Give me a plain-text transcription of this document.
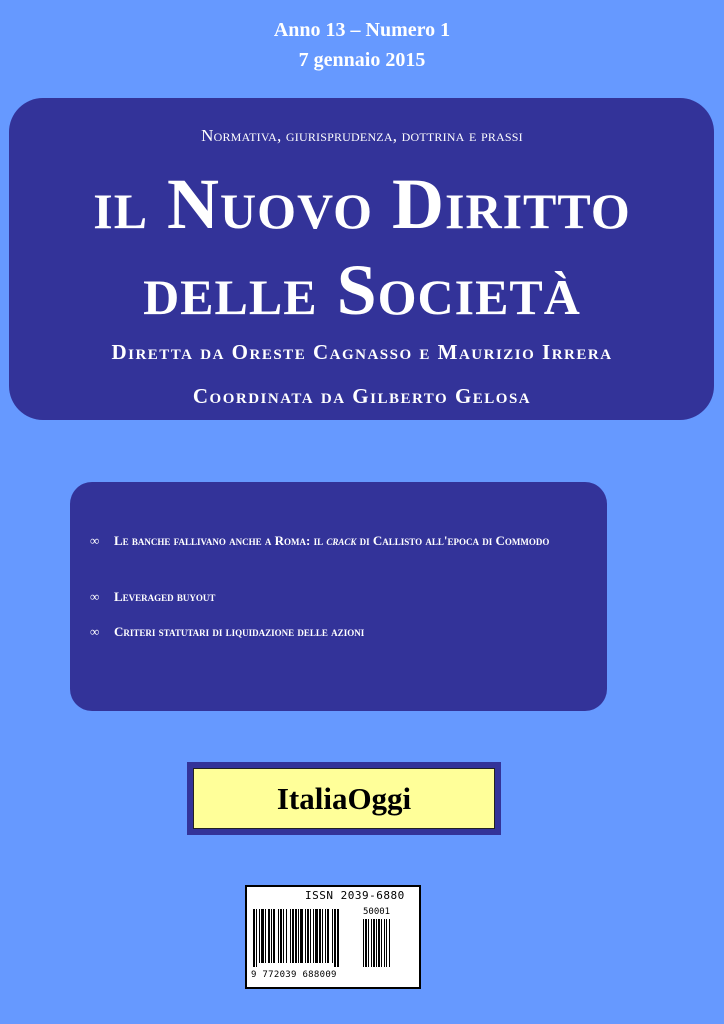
Anno 13 – Numero 1
7 gennaio 2015
Normativa, giurisprudenza, dottrina e prassi
il Nuovo Diritto
delle Società
Diretta da Oreste Cagnasso e Maurizio Irrera
Coordinata da Gilberto Gelosa
∞ Le banche fallivano anche a Roma: il crack di Callisto all'epoca di Commodo
∞ Leveraged buyout
∞ Criteri statutari di liquidazione delle azioni
ItaliaOggi
ISSN 2039-6880
50001
9 772039 688009
